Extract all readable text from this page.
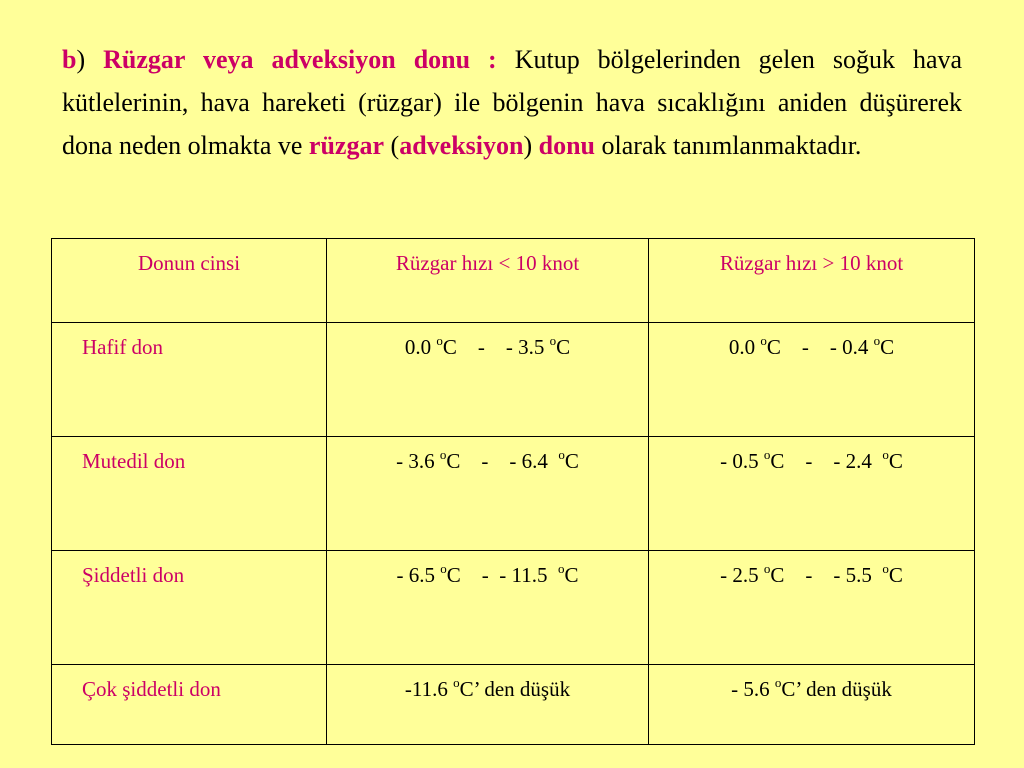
b) Rüzgar veya adveksiyon donu : Kutup bölgelerinden gelen soğuk hava kütlelerinin, hava hareketi (rüzgar) ile bölgenin hava sıcaklığını aniden düşürerek dona neden olmakta ve rüzgar (adveksiyon) donu olarak tanımlanmaktadır.
Donun cinsi	Rüzgar hızı < 10 knot	Rüzgar hızı > 10 knot
Hafif don	0.0 $^o$C    -    - 3.5 $^o$C	0.0 $^o$C    -    - 0.4 $^o$C
Mutedil don	- 3.6 $^o$C    -    - 6.4  $^o$C	- 0.5 $^o$C    -    - 2.4  $^o$C
Şiddetli don	- 6.5 $^o$C    -  - 11.5  $^o$C	- 2.5 $^o$C    -    - 5.5  $^o$C
Çok şiddetli don	-11.6 $^o$C’ den düşük	- 5.6 $^o$C’ den düşük
